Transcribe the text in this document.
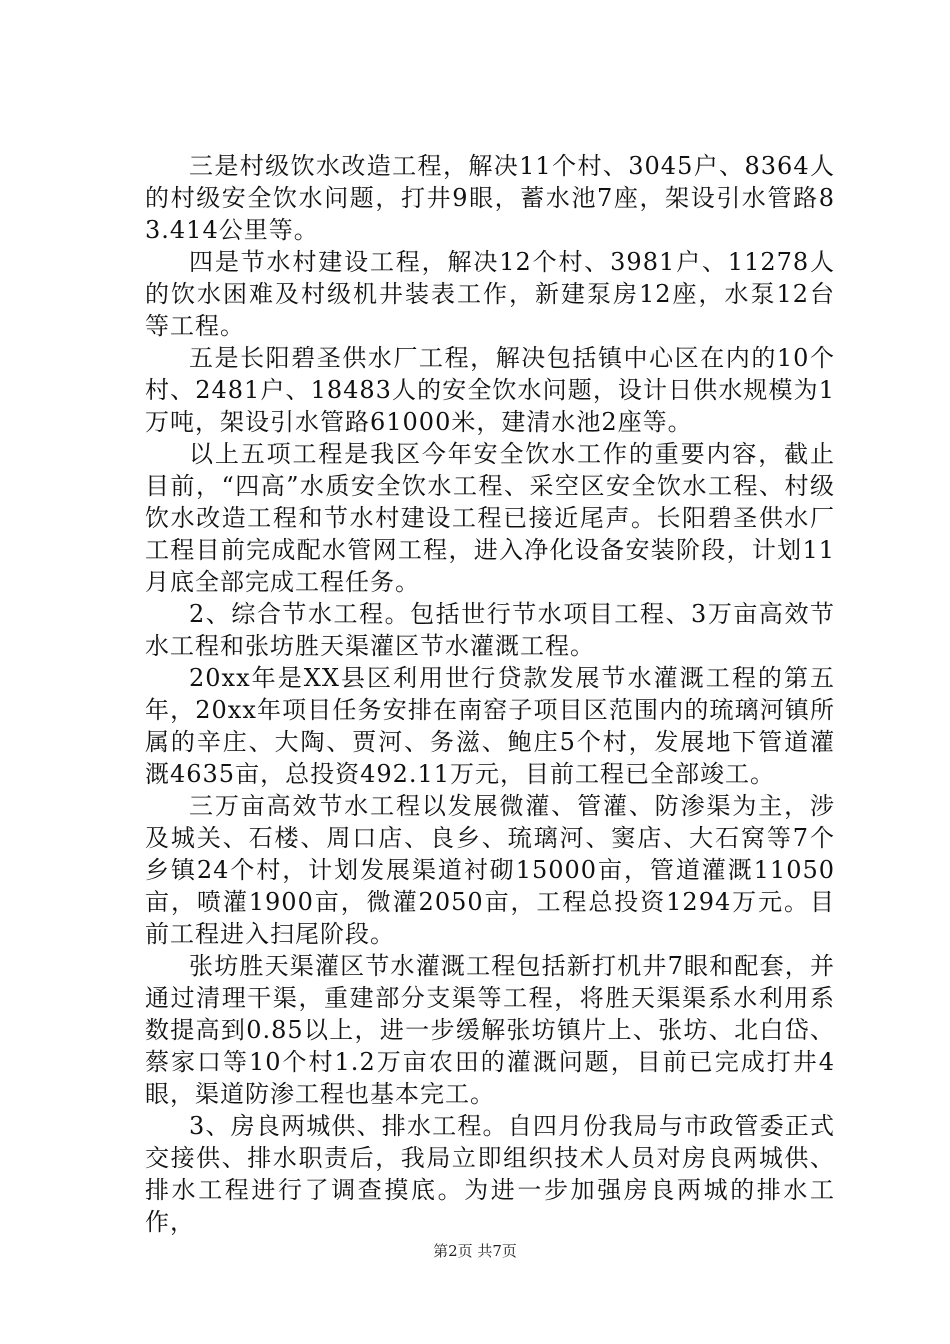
三是村级饮水改造工程，解决11个村、3045户、8364人的村级安全饮水问题，打井9眼，蓄水池7座，架设引水管路83.414公里等。

四是节水村建设工程，解决12个村、3981户、11278人的饮水困难及村级机井装表工作，新建泵房12座，水泵12台等工程。

五是长阳碧圣供水厂工程，解决包括镇中心区在内的10个村、2481户、18483人的安全饮水问题，设计日供水规模为1万吨，架设引水管路61000米，建清水池2座等。

以上五项工程是我区今年安全饮水工作的重要内容，截止目前，“四高”水质安全饮水工程、采空区安全饮水工程、村级饮水改造工程和节水村建设工程已接近尾声。长阳碧圣供水厂工程目前完成配水管网工程，进入净化设备安装阶段，计划11月底全部完成工程任务。

2、综合节水工程。包括世行节水项目工程、3万亩高效节水工程和张坊胜天渠灌区节水灌溉工程。

20xx年是XX县区利用世行贷款发展节水灌溉工程的第五年，20xx年项目任务安排在南窑子项目区范围内的琉璃河镇所属的辛庄、大陶、贾河、务滋、鲍庄5个村，发展地下管道灌溉4635亩，总投资492.11万元，目前工程已全部竣工。

三万亩高效节水工程以发展微灌、管灌、防渗渠为主，涉及城关、石楼、周口店、良乡、琉璃河、窦店、大石窝等7个乡镇24个村，计划发展渠道衬砌15000亩，管道灌溉11050亩，喷灌1900亩，微灌2050亩，工程总投资1294万元。目前工程进入扫尾阶段。

张坊胜天渠灌区节水灌溉工程包括新打机井7眼和配套，并通过清理干渠，重建部分支渠等工程，将胜天渠渠系水利用系数提高到0.85以上，进一步缓解张坊镇片上、张坊、北白岱、蔡家口等10个村1.2万亩农田的灌溉问题，目前已完成打井4眼，渠道防渗工程也基本完工。

3、房良两城供、排水工程。自四月份我局与市政管委正式交接供、排水职责后，我局立即组织技术人员对房良两城供、排水工程进行了调查摸底。为进一步加强房良两城的排水工作，

第2页 共7页
